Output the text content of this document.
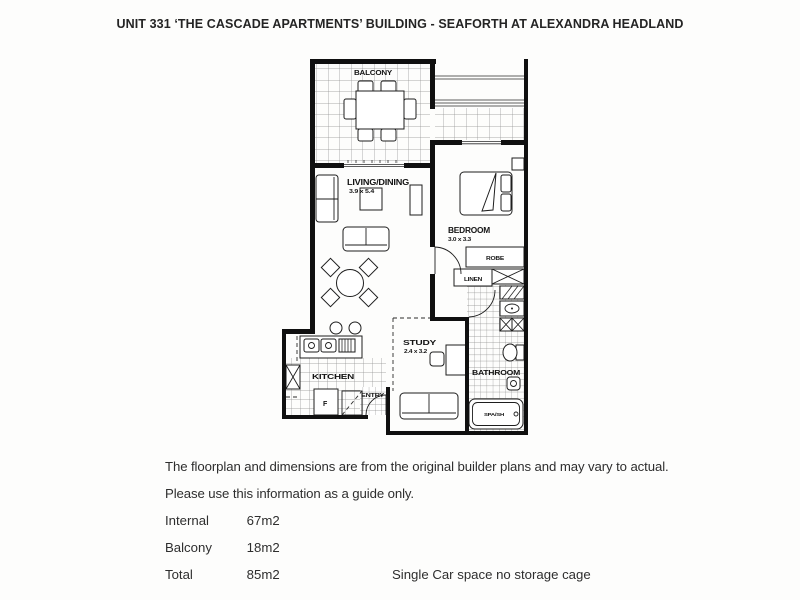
UNIT 331 ‘THE CASCADE APARTMENTS’ BUILDING - SEAFORTH AT ALEXANDRA HEADLAND
BALCONY
LIVING/DINING
3.9 x 5.4
BEDROOM
3.0 x 3.3
ROBE
LINEN
STUDY
2.4 x 3.2
KITCHEN
ENTRY
BATHROOM
SPA/SH
F
The floorplan and dimensions are from the original builder plans and may vary to actual.
Please use this information as a guide only.
Internal	67m2
Balcony	18m2
Total	85m2	Single Car space no storage cage
